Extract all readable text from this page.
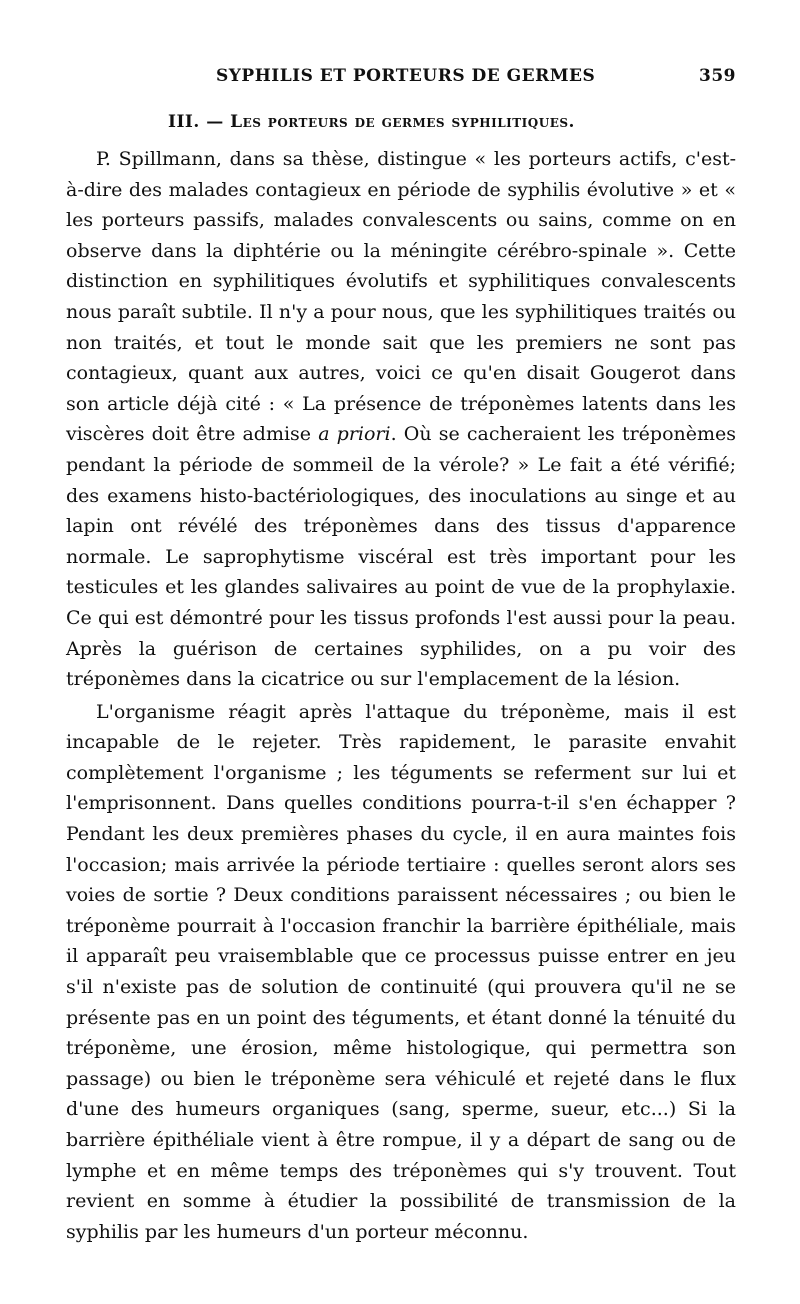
SYPHILIS ET PORTEURS DE GERMES	359
III. — Les porteurs de germes syphilitiques.

P. Spillmann, dans sa thèse, distingue « les porteurs actifs, c'est-à-dire des malades contagieux en période de syphilis évolutive » et « les porteurs passifs, malades convalescents ou sains, comme on en observe dans la diphtérie ou la méningite cérébro-spinale ». Cette distinction en syphilitiques évolutifs et syphilitiques convalescents nous paraît subtile. Il n'y a pour nous, que les syphilitiques traités ou non traités, et tout le monde sait que les premiers ne sont pas contagieux, quant aux autres, voici ce qu'en disait Gougerot dans son article déjà cité : « La présence de tréponèmes latents dans les viscères doit être admise a priori. Où se cacheraient les tréponèmes pendant la période de sommeil de la vérole? » Le fait a été vérifié; des examens histo-bactériologiques, des inoculations au singe et au lapin ont révélé des tréponèmes dans des tissus d'apparence normale. Le saprophytisme viscéral est très important pour les testicules et les glandes salivaires au point de vue de la prophylaxie. Ce qui est démontré pour les tissus profonds l'est aussi pour la peau. Après la guérison de certaines syphilides, on a pu voir des tréponèmes dans la cicatrice ou sur l'emplacement de la lésion.

L'organisme réagit après l'attaque du tréponème, mais il est incapable de le rejeter. Très rapidement, le parasite envahit complètement l'organisme ; les téguments se referment sur lui et l'emprisonnent. Dans quelles conditions pourra-t-il s'en échapper ? Pendant les deux premières phases du cycle, il en aura maintes fois l'occasion; mais arrivée la période tertiaire : quelles seront alors ses voies de sortie ? Deux conditions paraissent nécessaires ; ou bien le tréponème pourrait à l'occasion franchir la barrière épithéliale, mais il apparaît peu vraisemblable que ce processus puisse entrer en jeu s'il n'existe pas de solution de continuité (qui prouvera qu'il ne se présente pas en un point des téguments, et étant donné la ténuité du tréponème, une érosion, même histologique, qui permettra son passage) ou bien le tréponème sera véhiculé et rejeté dans le flux d'une des humeurs organiques (sang, sperme, sueur, etc...) Si la barrière épithéliale vient à être rompue, il y a départ de sang ou de lymphe et en même temps des tréponèmes qui s'y trouvent. Tout revient en somme à étudier la possibilité de transmission de la syphilis par les humeurs d'un porteur méconnu.
